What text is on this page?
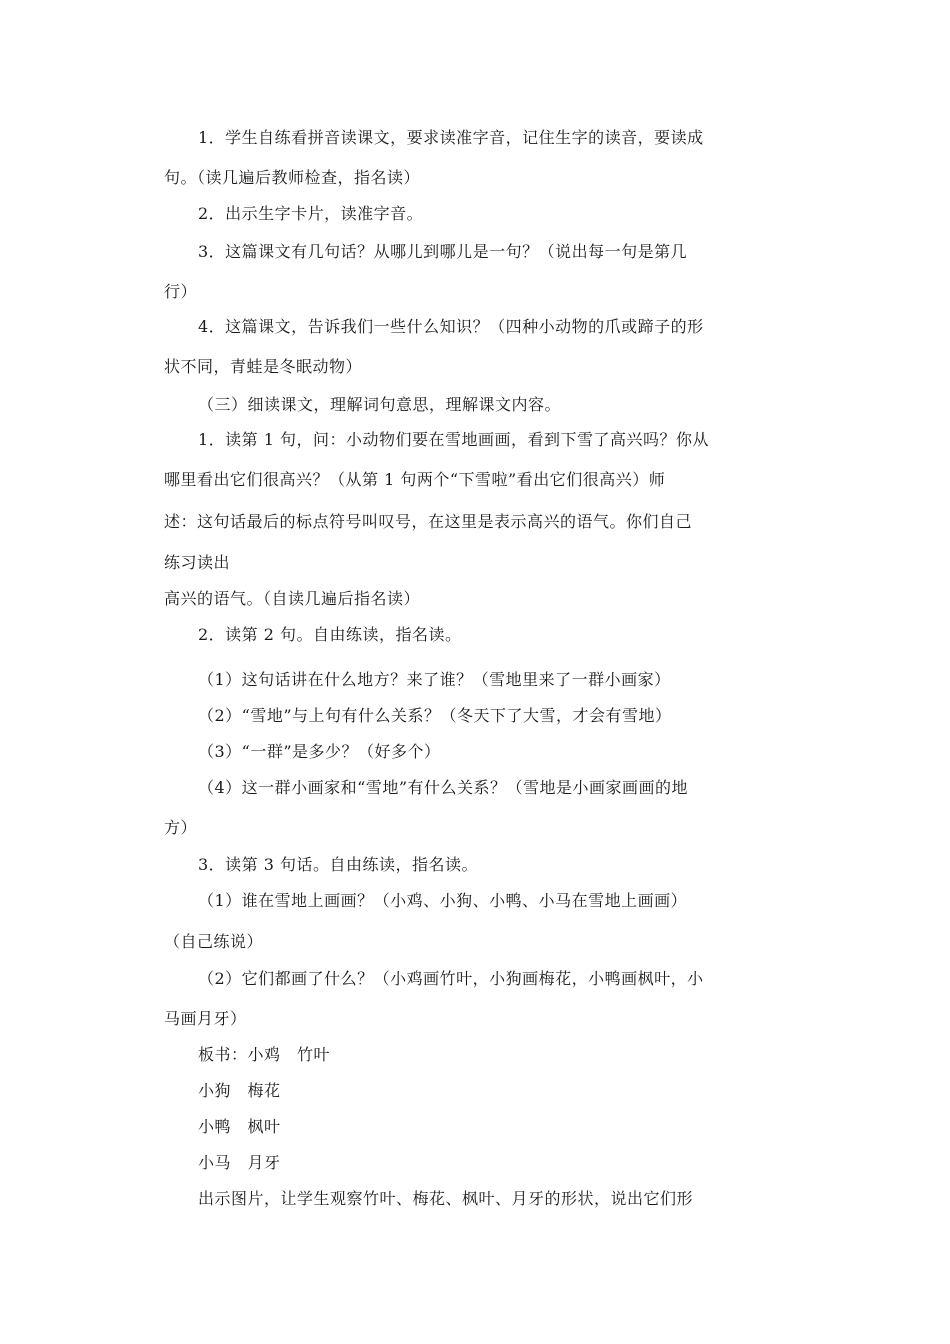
1．学生自练看拼音读课文，要求读准字音，记住生字的读音，要读成
句。（读几遍后教师检查，指名读）
2．出示生字卡片，读准字音。
3．这篇课文有几句话？从哪儿到哪儿是一句？（说出每一句是第几
行）
4．这篇课文，告诉我们一些什么知识？（四种小动物的爪或蹄子的形
状不同，青蛙是冬眠动物）
（三）细读课文，理解词句意思，理解课文内容。
1．读第 1 句，问：小动物们要在雪地画画，看到下雪了高兴吗？你从
哪里看出它们很高兴？（从第 1 句两个“下雪啦”看出它们很高兴）师
述：这句话最后的标点符号叫叹号，在这里是表示高兴的语气。你们自己
练习读出
高兴的语气。（自读几遍后指名读）
2．读第 2 句。自由练读，指名读。
（1）这句话讲在什么地方？来了谁？（雪地里来了一群小画家）
（2）“雪地”与上句有什么关系？（冬天下了大雪，才会有雪地）
（3）“一群”是多少？（好多个）
（4）这一群小画家和“雪地”有什么关系？（雪地是小画家画画的地
方）
3．读第 3 句话。自由练读，指名读。
（1）谁在雪地上画画？（小鸡、小狗、小鸭、小马在雪地上画画）
（自己练说）
（2）它们都画了什么？（小鸡画竹叶，小狗画梅花，小鸭画枫叶，小
马画月牙）
板书：小鸡　竹叶
小狗　梅花
小鸭　枫叶
小马　月牙
出示图片，让学生观察竹叶、梅花、枫叶、月牙的形状，说出它们形
